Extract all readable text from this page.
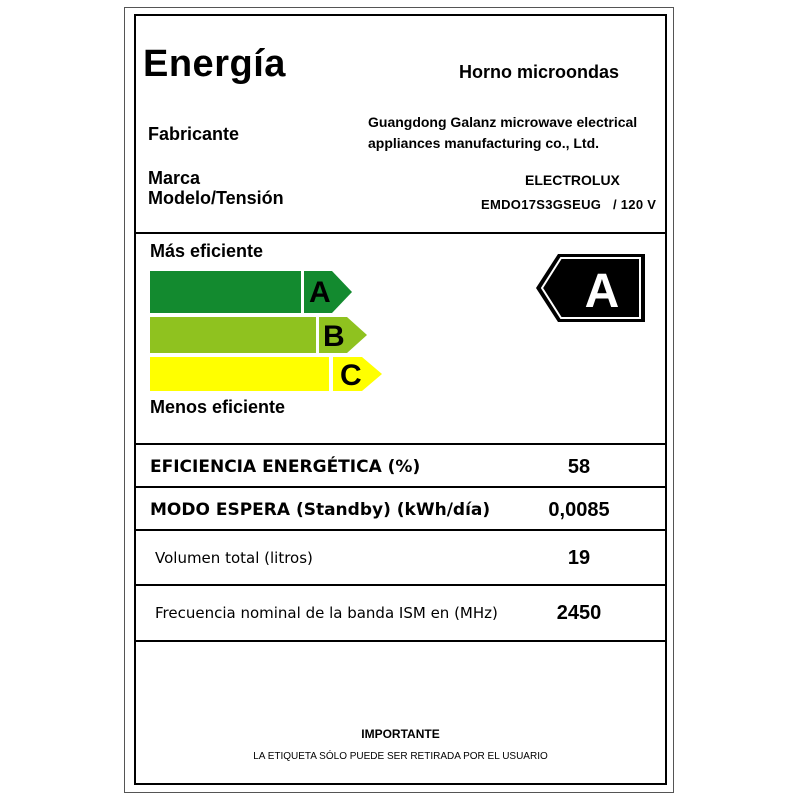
Energía	Horno microondas
Fabricante
Guangdong Galanz microwave electrical
appliances manufacturing co., Ltd.
Marca	ELECTROLUX
Modelo/Tensión	EMDO17S3GSEUG   / 120 V
Más eficiente
A
B
C
Menos eficiente
A
EFICIENCIA ENERGÉTICA (%)	58
MODO ESPERA (Standby) (kWh/día)	0,0085
Volumen total (litros)	19
Frecuencia nominal de la banda ISM en (MHz)	2450
IMPORTANTE
LA ETIQUETA SÓLO PUEDE SER RETIRADA POR EL USUARIO
